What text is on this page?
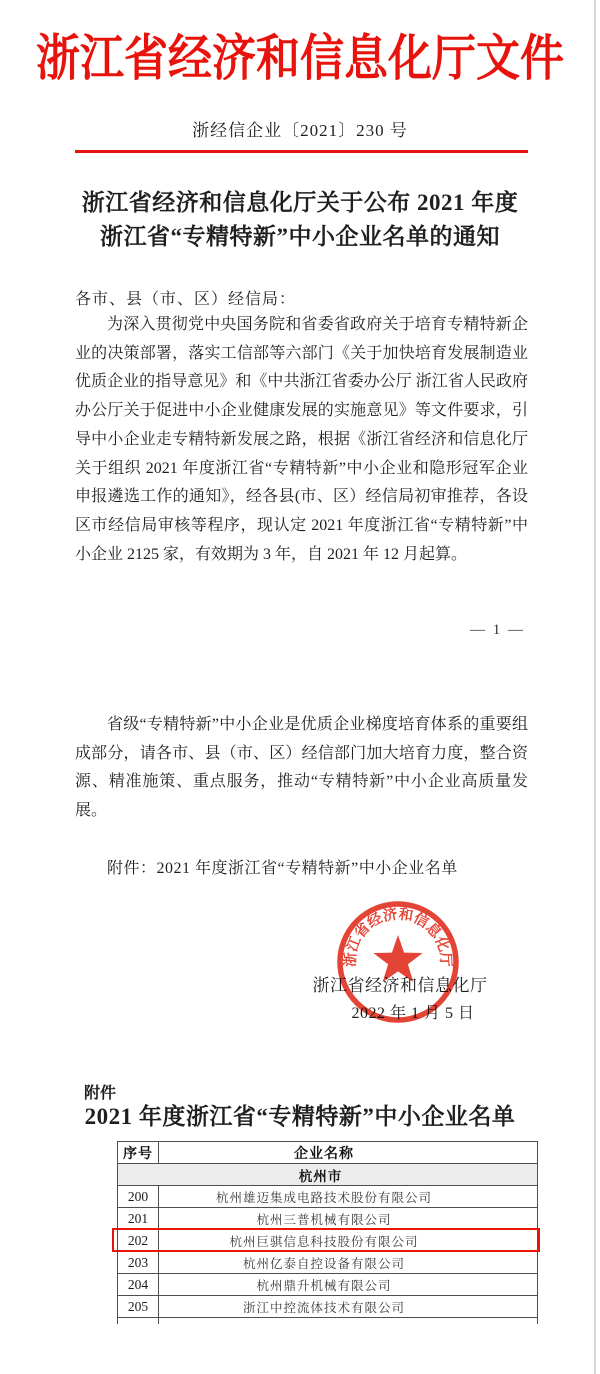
浙江省经济和信息化厅文件
浙经信企业〔2021〕230 号
浙江省经济和信息化厅关于公布 2021 年度
浙江省“专精特新”中小企业名单的通知
各市、县（市、区）经信局：
为深入贯彻党中央国务院和省委省政府关于培育专精特新企业的决策部署，落实工信部等六部门《关于加快培育发展制造业优质企业的指导意见》和《中共浙江省委办公厅 浙江省人民政府办公厅关于促进中小企业健康发展的实施意见》等文件要求，引导中小企业走专精特新发展之路，根据《浙江省经济和信息化厅关于组织 2021 年度浙江省“专精特新”中小企业和隐形冠军企业申报遴选工作的通知》，经各县(市、区）经信局初审推荐，各设区市经信局审核等程序，现认定 2021 年度浙江省“专精特新”中小企业 2125 家，有效期为 3 年，自 2021 年 12 月起算。
— 1 —
省级“专精特新”中小企业是优质企业梯度培育体系的重要组成部分，请各市、县（市、区）经信部门加大培育力度，整合资源、精准施策、重点服务，推动“专精特新”中小企业高质量发展。
附件：2021 年度浙江省“专精特新”中小企业名单
浙江省经济和信息化厅
2022 年 1 月 5 日
浙江省经济和信息化厅
附件
2021 年度浙江省“专精特新”中小企业名单
序号	企业名称
杭州市
200	杭州雄迈集成电路技术股份有限公司
201	杭州三普机械有限公司
202	杭州巨骐信息科技股份有限公司
203	杭州亿泰自控设备有限公司
204	杭州鼎升机械有限公司
205	浙江中控流体技术有限公司
